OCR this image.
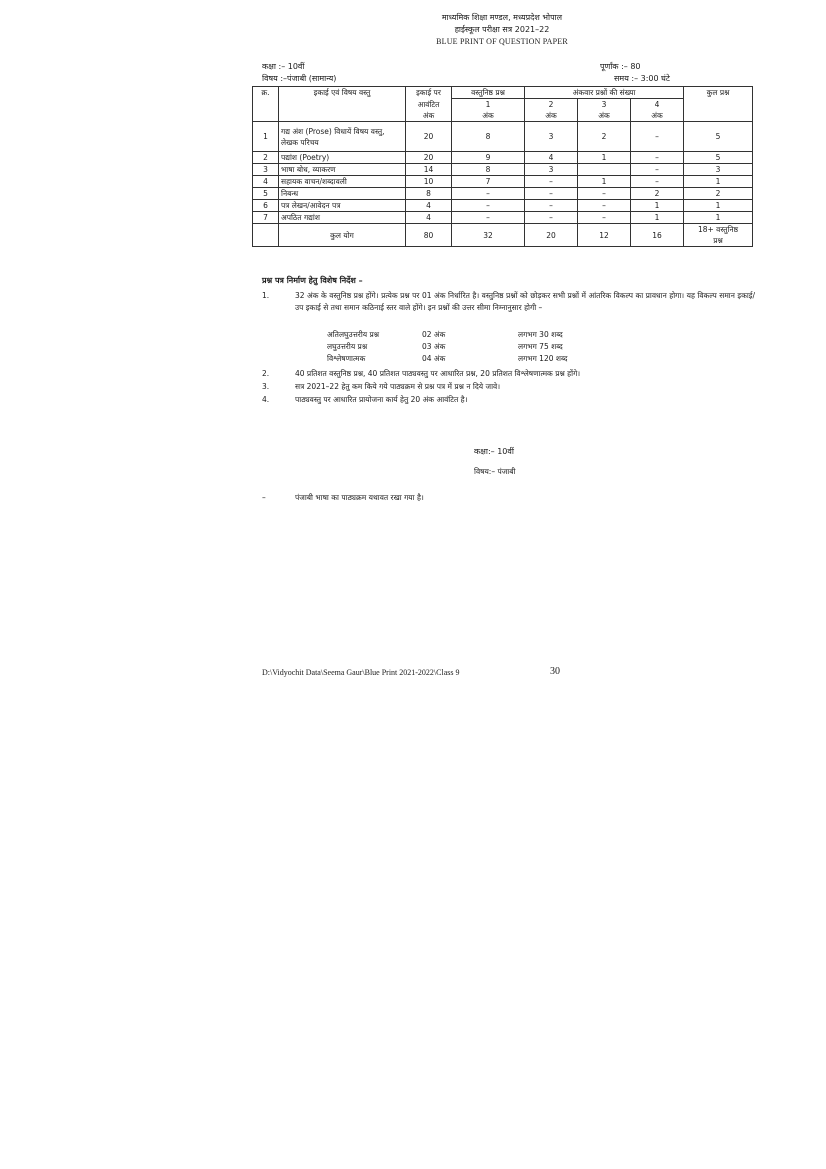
माध्यमिक शिक्षा मण्डल, मध्यप्रदेश भोपाल
हाईस्कूल परीक्षा सत्र 2021–22
BLUE PRINT OF QUESTION PAPER
कक्षा :– 10वीं
विषय :–पंजाबी (सामान्य)
पूर्णांक :– 80
समय :– 3:00 घंटे
क्र.	इकाई एवं विषय वस्तु	इकाई पर	वस्तुनिष्ठ प्रश्न	अंकवार प्रश्नों की संख्या			कुल प्रश्न
		आवंटित	1	2	3	4	
		अंक	अंक	अंक	अंक	अंक	
1	गद्य अंश (Prose) विधायें विषय वस्तु, लेखक परिचय	20	8	3	2	–	5
2	पद्यांश (Poetry)	20	9	4	1	–	5
3	भाषा बोध, व्याकरण	14	8	3		–	3
4	सहायक वाचन/शब्दावली	10	7	–	1	–	1
5	निबन्ध	8	–	–	–	2	2
6	पत्र लेखन/आवेदन पत्र	4	–	–	–	1	1
7	अपठित गद्यांश	4	–	–	–	1	1
	कुल योग	80	32	20	12	16	18+ वस्तुनिष्ठ
प्रश्न
प्रश्न पत्र निर्माण हेतु विशेष निर्देश –
1.	32 अंक के वस्तुनिष्ठ प्रश्न होंगे। प्रत्येक प्रश्न पर 01 अंक निर्धारित है। वस्तुनिष्ठ प्रश्नों को छोड़कर सभी प्रश्नों में आंतरिक विकल्प का प्रावधान होगा। यह विकल्प समान इकाई/उप इकाई से तथा समान कठिनाई स्तर वाले होंगे। इन प्रश्नों की उत्तर सीमा निम्नानुसार होगी –
अतिलघुउत्तरीय प्रश्न	02 अंक	लगभग 30 शब्द
लघुउत्तरीय प्रश्न	03 अंक	लगभग 75 शब्द
विश्लेषणात्मक	04 अंक	लगभग 120 शब्द
2.	40 प्रतिशत वस्तुनिष्ठ प्रश्न, 40 प्रतिशत पाठ्यवस्तु पर आधारित प्रश्न, 20 प्रतिशत विश्लेषणात्मक प्रश्न होंगे।
3.	सत्र 2021–22 हेतु कम किये गये पाठ्यक्रम से प्रश्न पत्र में प्रश्न न दिये जावे।
4.	पाठ्यवस्तु पर आधारित प्रायोजना कार्य हेतु 20 अंक आवंटित है।
कक्षा:– 10वीं
विषय:– पंजाबी
–	पंजाबी भाषा का पाठ्यक्रम यथावत रखा गया है।
D:\Vidyochit Data\Seema Gaur\Blue Print 2021-2022\Class 9	30
